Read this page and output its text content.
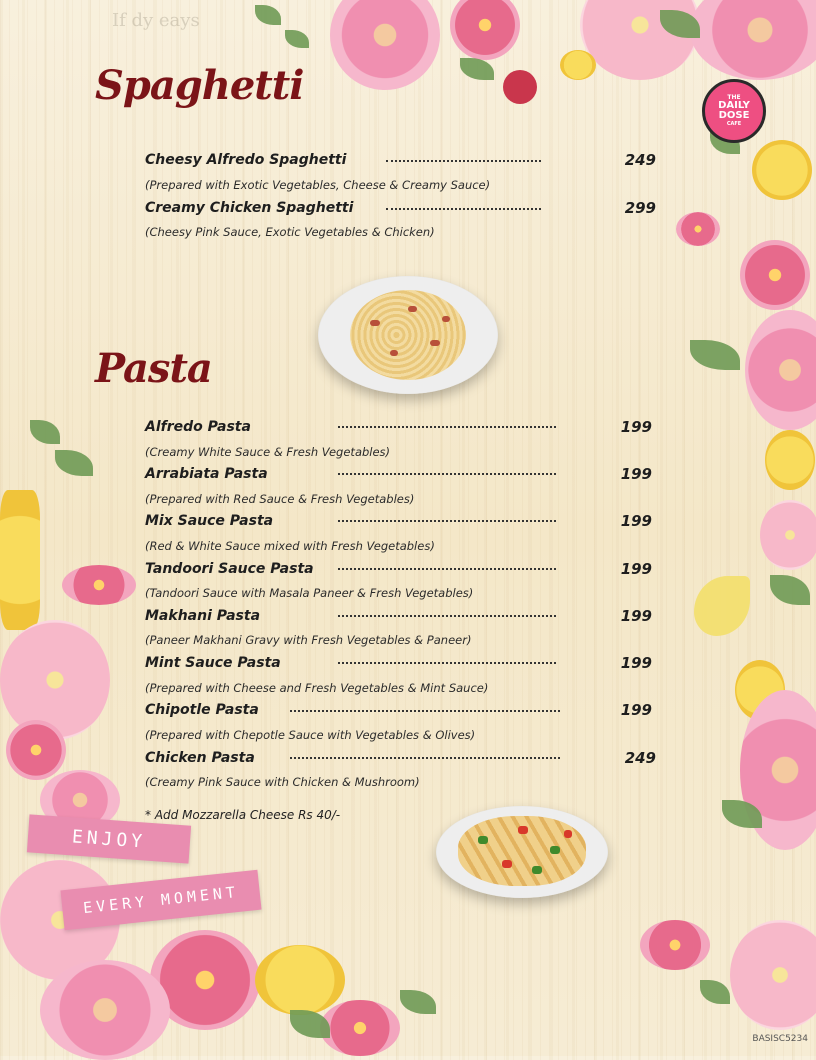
If dy eays
THE
DAILY
DOSE
CAFE
Spaghetti
Cheesy Alfredo Spaghetti	249
(Prepared with Exotic Vegetables, Cheese & Creamy Sauce)
Creamy Chicken Spaghetti	299
(Cheesy Pink Sauce, Exotic Vegetables & Chicken)
Pasta
Alfredo Pasta	199
(Creamy White Sauce & Fresh Vegetables)
Arrabiata Pasta	199
(Prepared with Red Sauce & Fresh Vegetables)
Mix Sauce Pasta	199
(Red & White Sauce mixed with Fresh Vegetables)
Tandoori Sauce Pasta	199
(Tandoori Sauce with Masala Paneer & Fresh Vegetables)
Makhani Pasta	199
(Paneer Makhani Gravy with Fresh Vegetables & Paneer)
Mint Sauce Pasta	199
(Prepared with Cheese and Fresh Vegetables & Mint Sauce)
Chipotle Pasta	199
(Prepared with Chepotle Sauce with Vegetables & Olives)
Chicken Pasta	249
(Creamy Pink Sauce with Chicken & Mushroom)
* Add Mozzarella Cheese Rs 40/-
ENJOY
EVERY MOMENT
BASISC5234
